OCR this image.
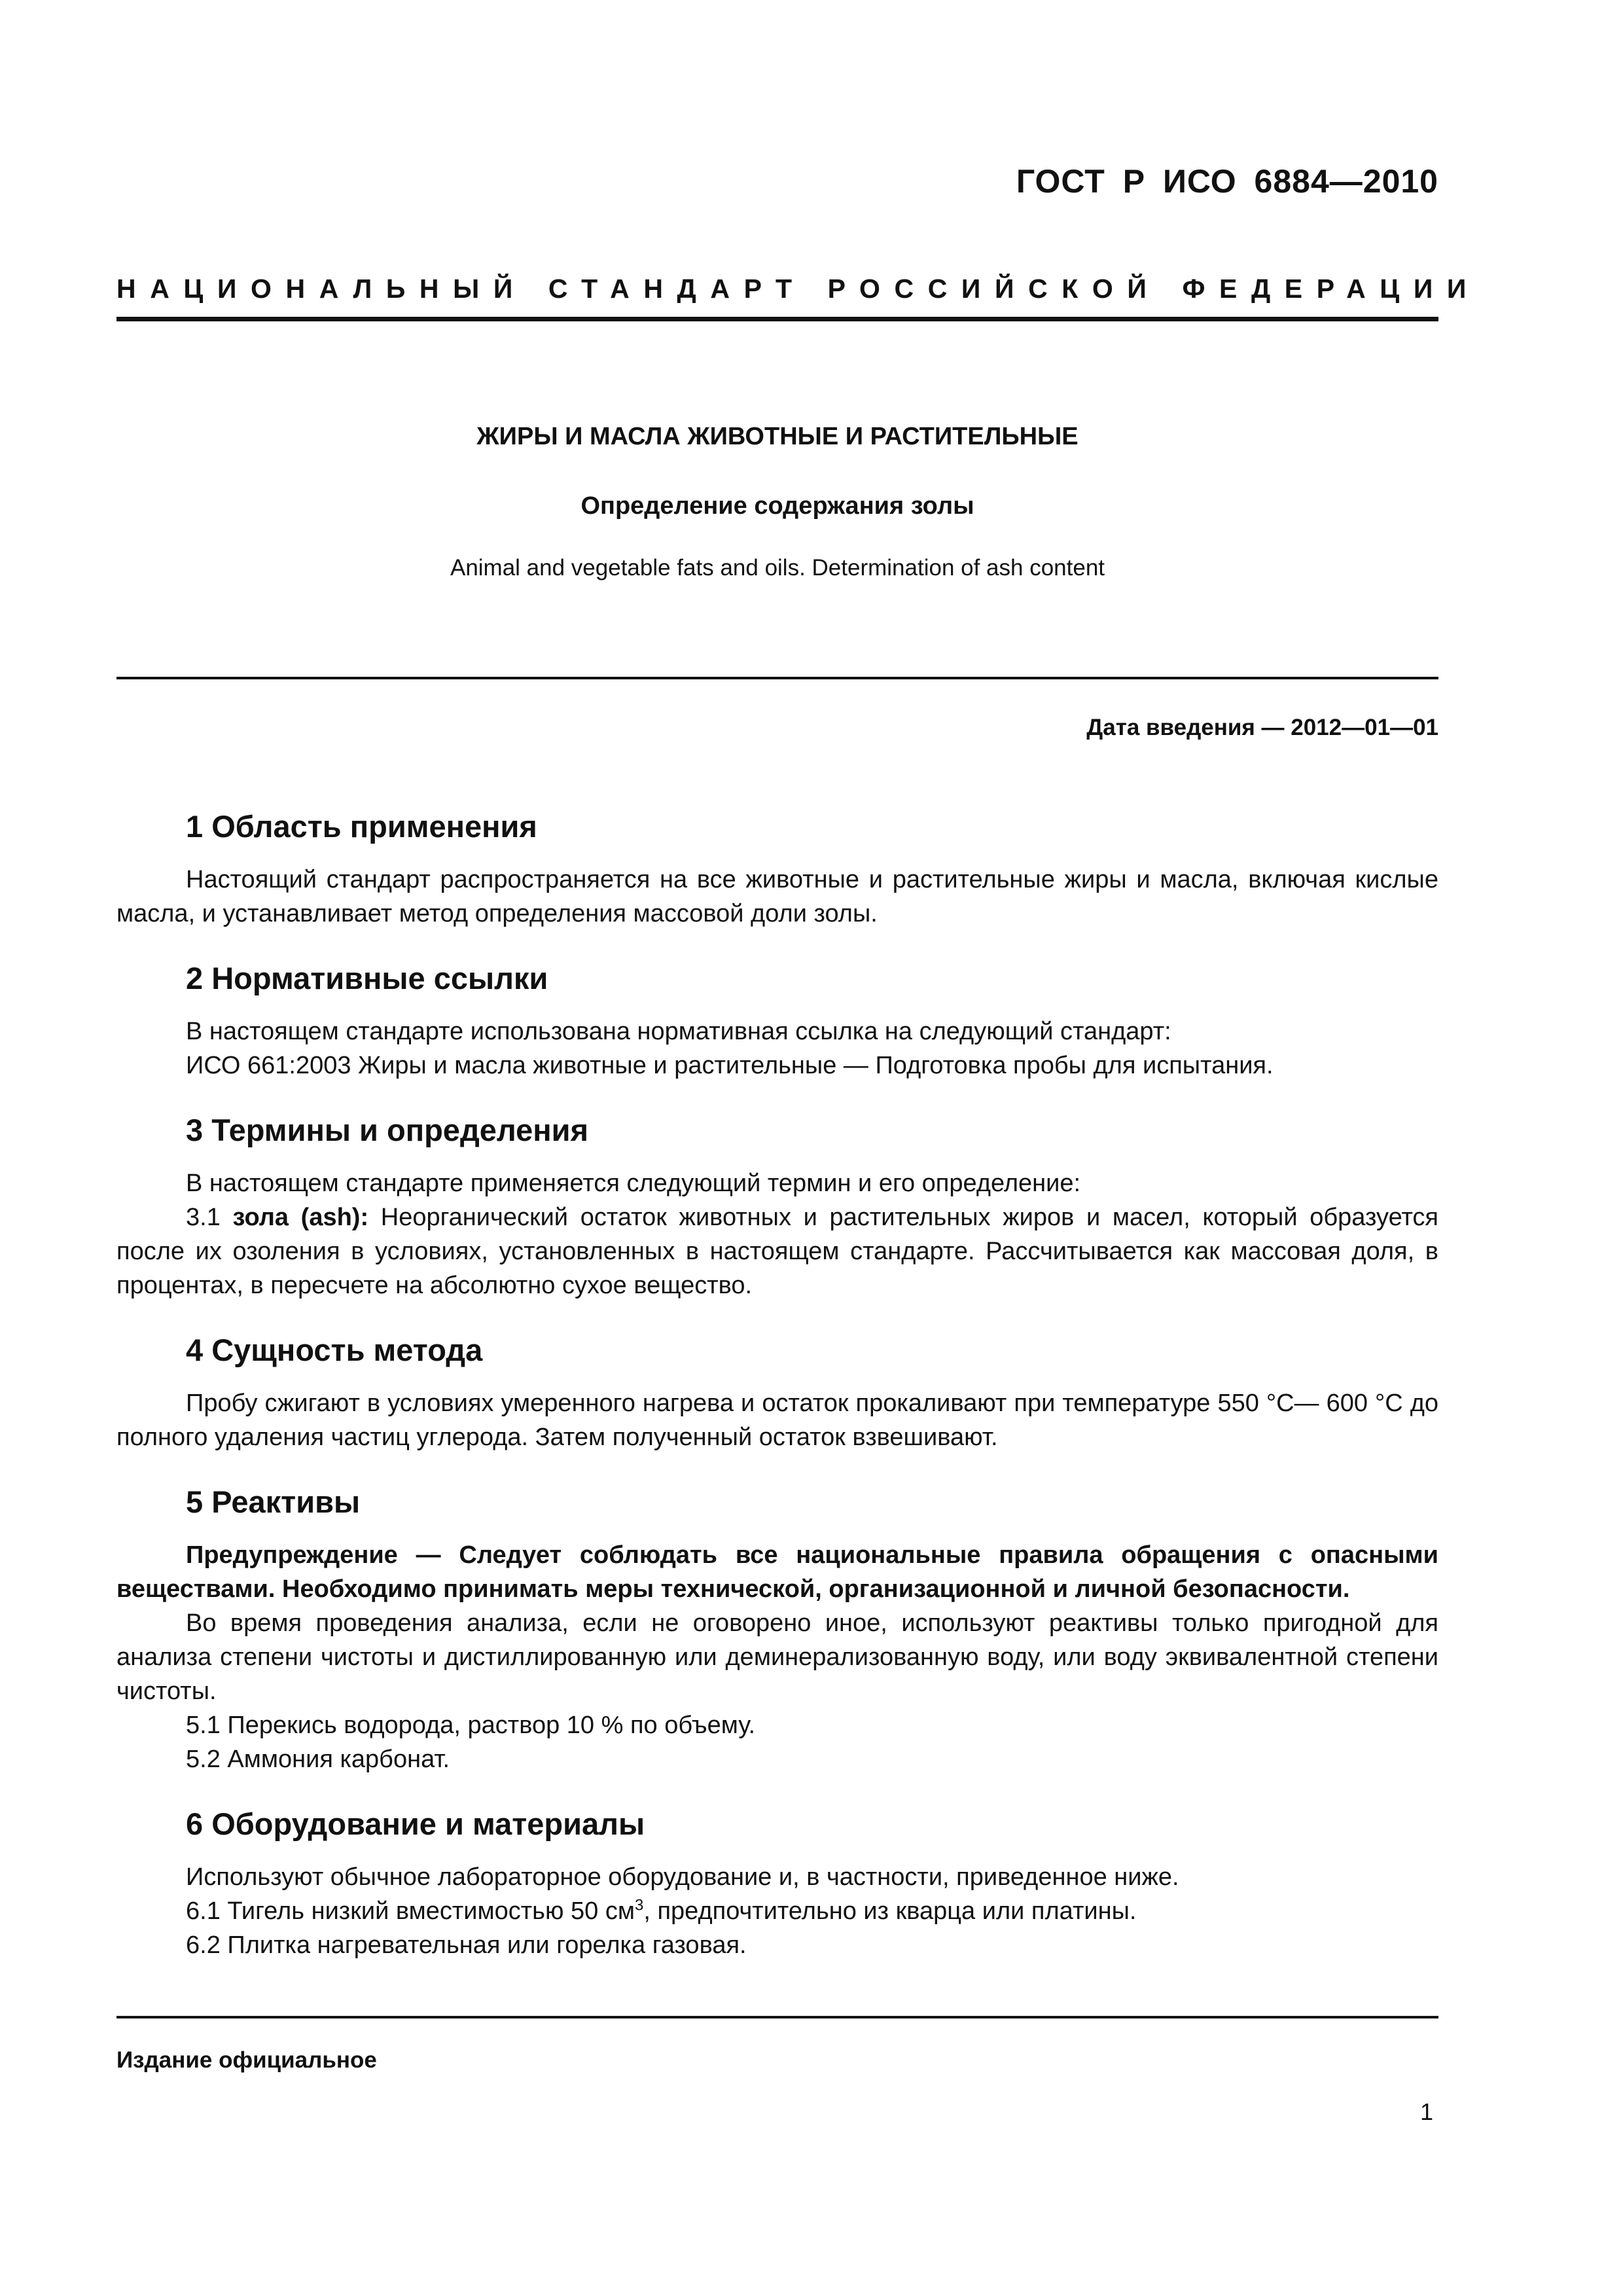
ГОСТ Р ИСО 6884—2010
НАЦИОНАЛЬНЫЙ СТАНДАРТ РОССИЙСКОЙ ФЕДЕРАЦИИ
ЖИРЫ И МАСЛА ЖИВОТНЫЕ И РАСТИТЕЛЬНЫЕ
Определение содержания золы
Animal and vegetable fats and oils. Determination of ash content
Дата введения — 2012—01—01
1 Область применения

Настоящий стандарт распространяется на все животные и растительные жиры и масла, включая кислые масла, и устанавливает метод определения массовой доли золы.

2 Нормативные ссылки

В настоящем стандарте использована нормативная ссылка на следующий стандарт:

ИСО 661:2003 Жиры и масла животные и растительные — Подготовка пробы для испытания.

3 Термины и определения

В настоящем стандарте применяется следующий термин и его определение:

3.1 зола (ash): Неорганический остаток животных и растительных жиров и масел, который образуется после их озоления в условиях, установленных в настоящем стандарте. Рассчитывается как массовая доля, в процентах, в пересчете на абсолютно сухое вещество.

4 Сущность метода

Пробу сжигают в условиях умеренного нагрева и остаток прокаливают при температуре 550 °C— 600 °C до полного удаления частиц углерода. Затем полученный остаток взвешивают.

5 Реактивы

Предупреждение — Следует соблюдать все национальные правила обращения с опасными веществами. Необходимо принимать меры технической, организационной и личной безопасности.

Во время проведения анализа, если не оговорено иное, используют реактивы только пригодной для анализа степени чистоты и дистиллированную или деминерализованную воду, или воду эквивалентной степени чистоты.

5.1 Перекись водорода, раствор 10 % по объему.

5.2 Аммония карбонат.

6 Оборудование и материалы

Используют обычное лабораторное оборудование и, в частности, приведенное ниже.

6.1 Тигель низкий вместимостью 50 $см^3$, предпочтительно из кварца или платины.

6.2 Плитка нагревательная или горелка газовая.

Издание официальное
1
